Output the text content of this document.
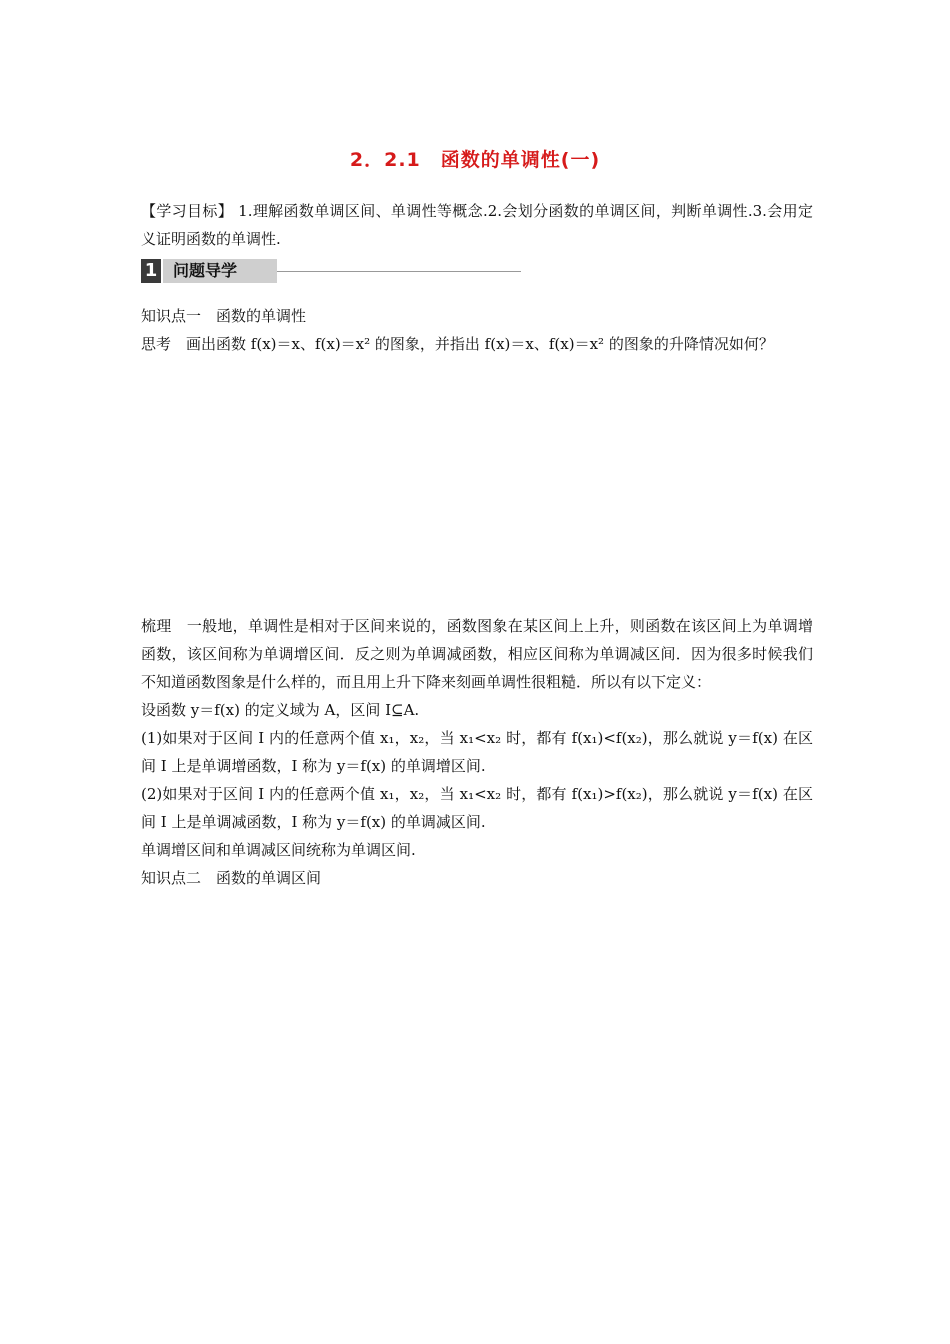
2．2.1　函数的单调性(一)
【学习目标】 1.理解函数单调区间、单调性等概念.2.会划分函数的单调区间，判断单调性.3.会用定义证明函数的单调性.
1 问题导学

知识点一　函数的单调性

思考　画出函数 f(x)＝x、f(x)＝x² 的图象，并指出 f(x)＝x、f(x)＝x² 的图象的升降情况如何？

梳理　一般地，单调性是相对于区间来说的，函数图象在某区间上上升，则函数在该区间上为单调增函数，该区间称为单调增区间．反之则为单调减函数，相应区间称为单调减区间．因为很多时候我们不知道函数图象是什么样的，而且用上升下降来刻画单调性很粗糙．所以有以下定义：

设函数 y＝f(x) 的定义域为 A，区间 I⊆A.

(1)如果对于区间 I 内的任意两个值 x₁，x₂，当 x₁<x₂ 时，都有 f(x₁)<f(x₂)，那么就说 y＝f(x) 在区间 I 上是单调增函数，I 称为 y＝f(x) 的单调增区间.

(2)如果对于区间 I 内的任意两个值 x₁，x₂，当 x₁<x₂ 时，都有 f(x₁)>f(x₂)，那么就说 y＝f(x) 在区间 I 上是单调减函数，I 称为 y＝f(x) 的单调减区间.

单调增区间和单调减区间统称为单调区间.

知识点二　函数的单调区间
